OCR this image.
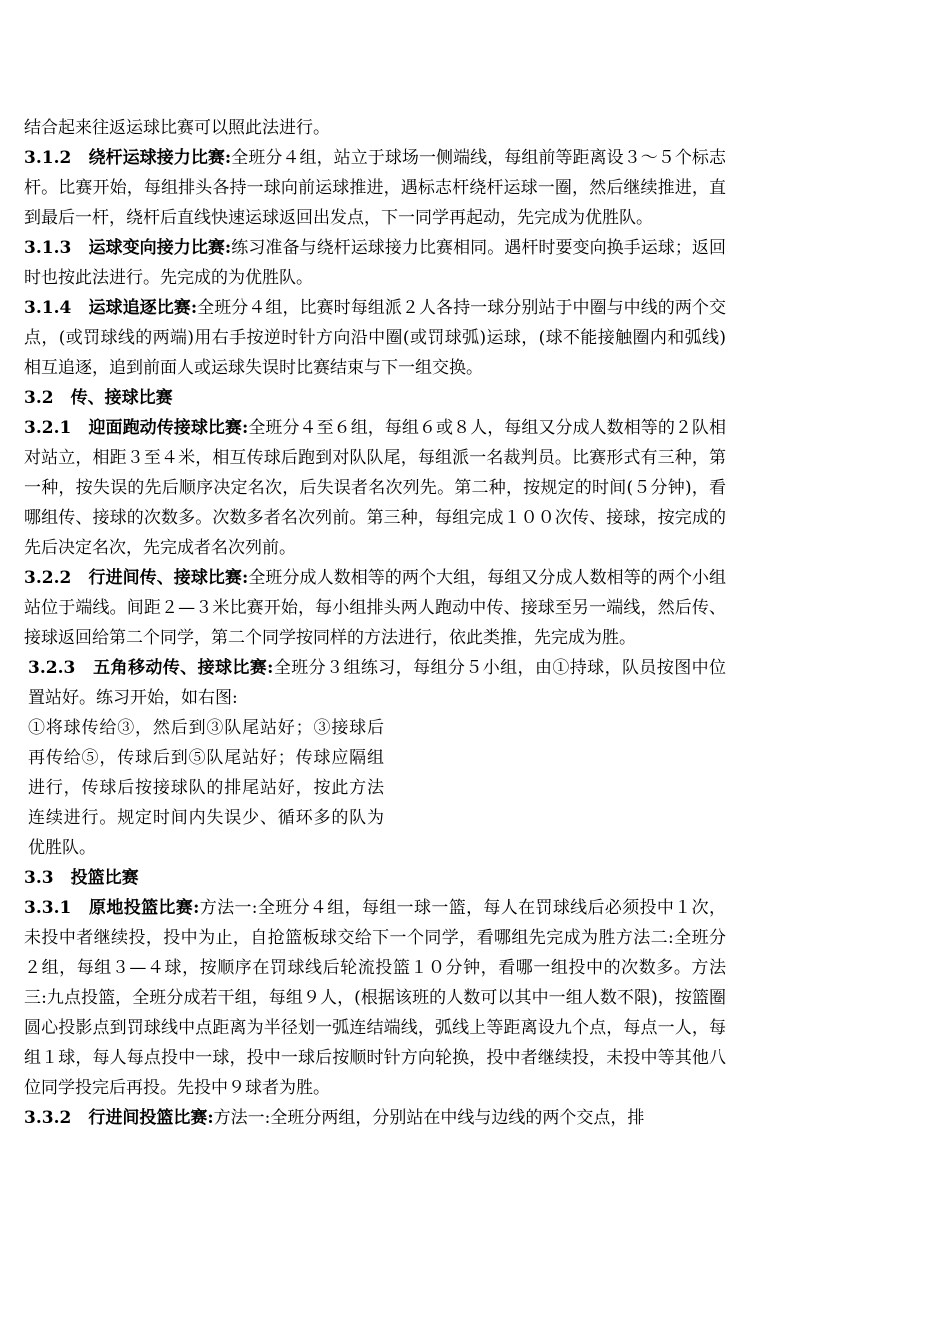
结合起来往返运球比赛可以照此法进行。

3.1.2　绕杆运球接力比赛:全班分４组，站立于球场一侧端线，每组前等距离设３～５个标志杆。比赛开始，每组排头各持一球向前运球推进，遇标志杆绕杆运球一圈，然后继续推进，直到最后一杆，绕杆后直线快速运球返回出发点，下一同学再起动，先完成为优胜队。

3.1.3　运球变向接力比赛:练习准备与绕杆运球接力比赛相同。遇杆时要变向换手运球；返回时也按此法进行。先完成的为优胜队。

3.1.4　运球追逐比赛:全班分４组，比赛时每组派２人各持一球分别站于中圈与中线的两个交点，(或罚球线的两端)用右手按逆时针方向沿中圈(或罚球弧)运球，(球不能接触圈内和弧线)相互追逐，追到前面人或运球失误时比赛结束与下一组交换。

3.2　传、接球比赛

3.2.1　迎面跑动传接球比赛:全班分４至６组，每组６或８人，每组又分成人数相等的２队相对站立，相距３至４米，相互传球后跑到对队队尾，每组派一名裁判员。比赛形式有三种，第一种，按失误的先后顺序决定名次，后失误者名次列先。第二种，按规定的时间(５分钟)，看哪组传、接球的次数多。次数多者名次列前。第三种，每组完成１００次传、接球，按完成的先后决定名次，先完成者名次列前。

3.2.2　行进间传、接球比赛:全班分成人数相等的两个大组，每组又分成人数相等的两个小组站位于端线。间距２—３米比赛开始，每小组排头两人跑动中传、接球至另一端线，然后传、接球返回给第二个同学，第二个同学按同样的方法进行，依此类推，先完成为胜。

3.2.3　五角移动传、接球比赛:全班分３组练习，每组分５小组，由①持球，队员按图中位置站好。练习开始，如右图:

①将球传给③，然后到③队尾站好；③接球后再传给⑤，传球后到⑤队尾站好；传球应隔组进行，传球后按接球队的排尾站好，按此方法连续进行。规定时间内失误少、循环多的队为优胜队。

3.3　投篮比赛

3.3.1　原地投篮比赛:方法一:全班分４组，每组一球一篮，每人在罚球线后必须投中１次，未投中者继续投，投中为止，自抢篮板球交给下一个同学，看哪组先完成为胜方法二:全班分２组，每组３—４球，按顺序在罚球线后轮流投篮１０分钟，看哪一组投中的次数多。方法三:九点投篮，全班分成若干组，每组９人，(根据该班的人数可以其中一组人数不限)，按篮圈圆心投影点到罚球线中点距离为半径划一弧连结端线，弧线上等距离设九个点，每点一人，每组１球，每人每点投中一球，投中一球后按顺时针方向轮换，投中者继续投，未投中等其他八位同学投完后再投。先投中９球者为胜。

3.3.2　行进间投篮比赛:方法一:全班分两组，分别站在中线与边线的两个交点，排
